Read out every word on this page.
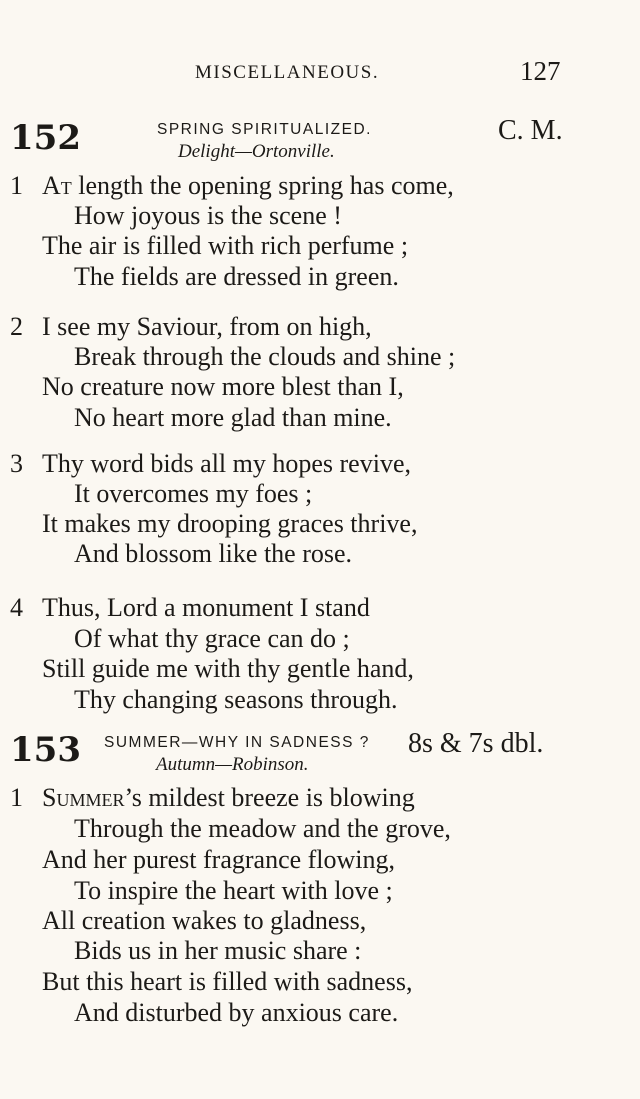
MISCELLANEOUS.	127
152	SPRING SPIRITUALIZED.
Delight—Ortonville.
C. M.
1 At length the opening spring has come,
How joyous is the scene !
The air is filled with rich perfume ;
The fields are dressed in green.
2 I see my Saviour, from on high,
Break through the clouds and shine ;
No creature now more blest than I,
No heart more glad than mine.
3 Thy word bids all my hopes revive,
It overcomes my foes ;
It makes my drooping graces thrive,
And blossom like the rose.
4 Thus, Lord a monument I stand
Of what thy grace can do ;
Still guide me with thy gentle hand,
Thy changing seasons through.
153 SUMMER—WHY IN SADNESS ?
Autumn—Robinson.
8s & 7s dbl.
1 Summer’s mildest breeze is blowing
Through the meadow and the grove,
And her purest fragrance flowing,
To inspire the heart with love ;
All creation wakes to gladness,
Bids us in her music share :
But this heart is filled with sadness,
And disturbed by anxious care.
